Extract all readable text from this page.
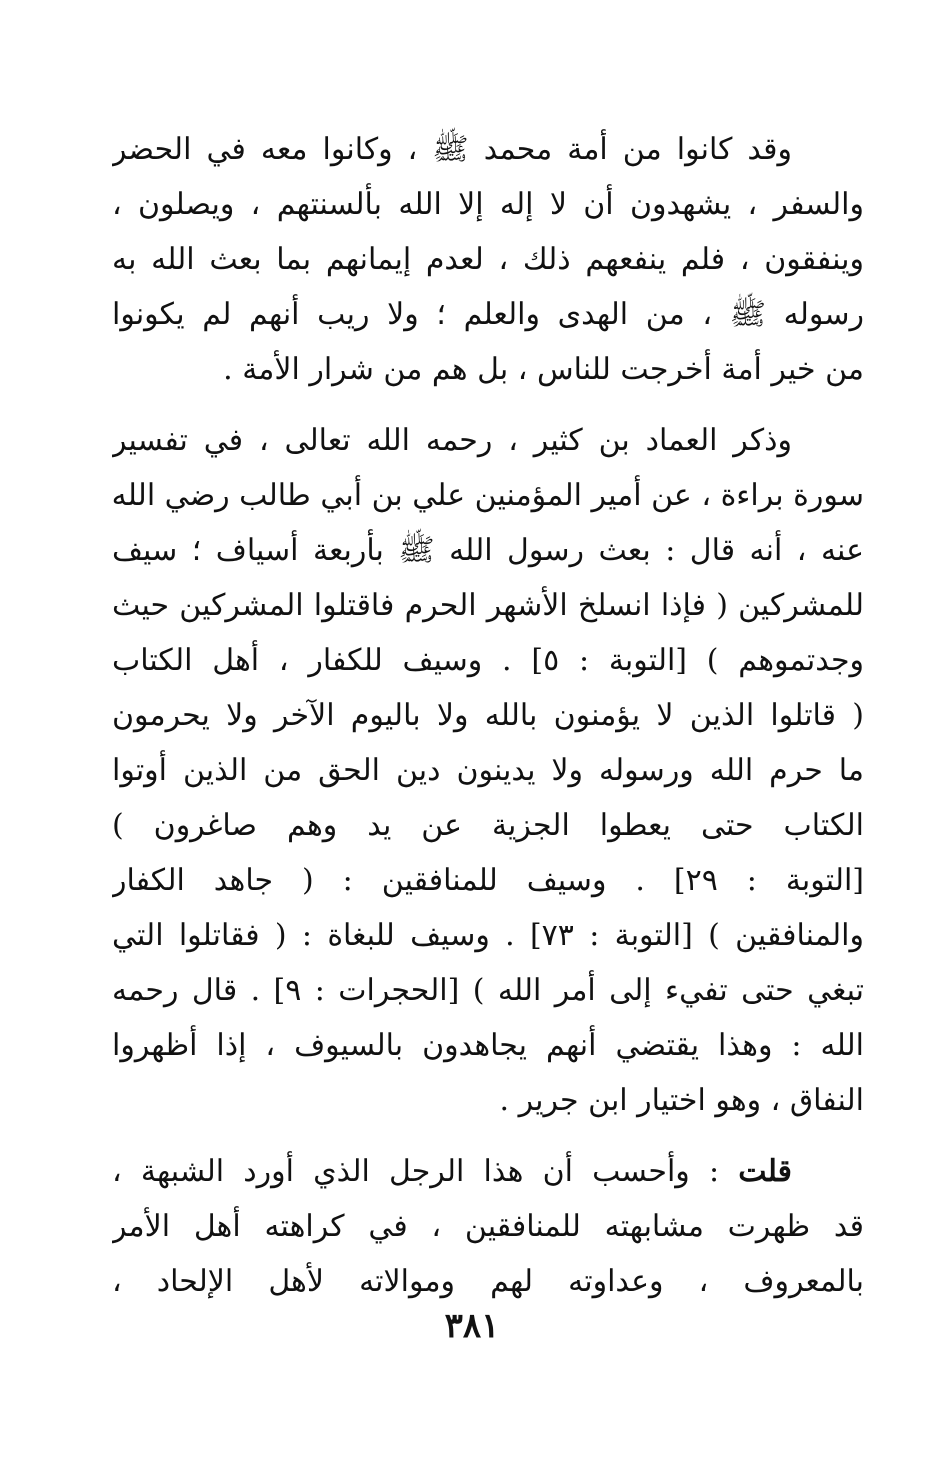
وقد كانوا من أمة محمد ﷺ ، وكانوا معه في الحضر
والسفر ، يشهدون أن لا إله إلا الله بألسنتهم ، ويصلون ،
وينفقون ، فلم ينفعهم ذلك ، لعدم إيمانهم بما بعث الله به
رسوله ﷺ ، من الهدى والعلم ؛ ولا ريب أنهم لم يكونوا
من خير أمة أخرجت للناس ، بل هم من شرار الأمة .
وذكر العماد بن كثير ، رحمه الله تعالى ، في تفسير
سورة براءة ، عن أمير المؤمنين علي بن أبي طالب رضي الله
عنه ، أنه قال : بعث رسول الله ﷺ بأربعة أسياف ؛ سيف
للمشركين ( فإذا انسلخ الأشهر الحرم فاقتلوا المشركين حيث
وجدتموهم ) [التوبة : ٥] . وسيف للكفار ، أهل الكتاب
( قاتلوا الذين لا يؤمنون بالله ولا باليوم الآخر ولا يحرمون
ما حرم الله ورسوله ولا يدينون دين الحق من الذين أوتوا
الكتاب حتى يعطوا الجزية عن يد وهم صاغرون )
[التوبة : ٢٩] . وسيف للمنافقين : ( جاهد الكفار
والمنافقين ) [التوبة : ٧٣] . وسيف للبغاة : ( فقاتلوا التي
تبغي حتى تفيء إلى أمر الله ) [الحجرات : ٩] . قال رحمه
الله : وهذا يقتضي أنهم يجاهدون بالسيوف ، إذا أظهروا
النفاق ، وهو اختيار ابن جرير .
قلت : وأحسب أن هذا الرجل الذي أورد الشبهة ،
قد ظهرت مشابهته للمنافقين ، في كراهته أهل الأمر
بالمعروف ، وعداوته لهم وموالاته لأهل الإلحاد ،
٣٨١
